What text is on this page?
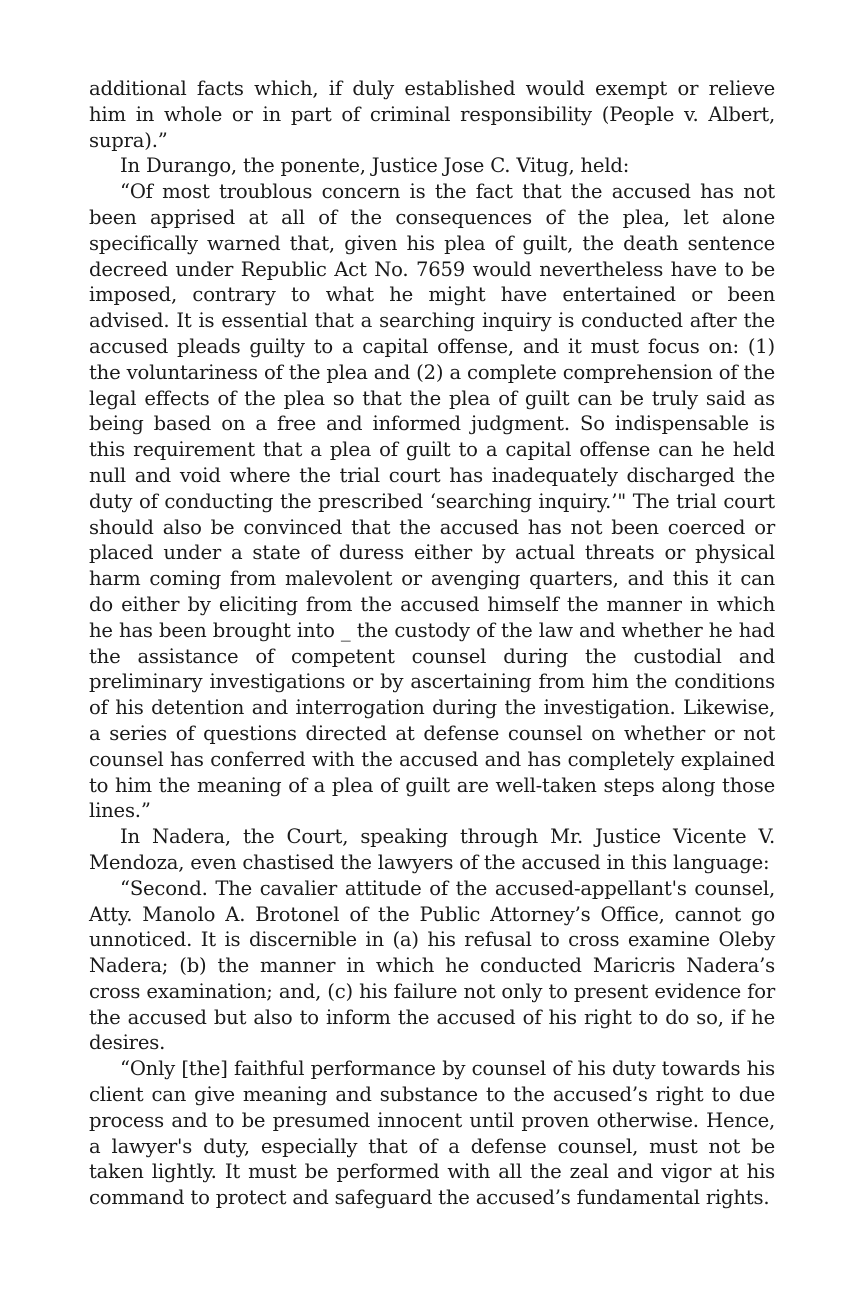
additional facts which, if duly established would exempt or relieve him in whole or in part of criminal responsibility (People v. Albert, supra).”

In Durango, the ponente, Justice Jose C. Vitug, held:

“Of most troublous concern is the fact that the accused has not been apprised at all of the consequences of the plea, let alone specifically warned that, given his plea of guilt, the death sentence decreed under Republic Act No. 7659 would nevertheless have to be imposed, contrary to what he might have entertained or been advised. It is essential that a searching inquiry is conducted after the accused pleads guilty to a capital offense, and it must focus on: (1) the voluntariness of the plea and (2) a complete comprehension of the legal effects of the plea so that the plea of guilt can be truly said as being based on a free and informed judgment. So indispensable is this requirement that a plea of guilt to a capital offense can he held null and void where the trial court has inadequately discharged the duty of conducting the prescribed ‘searching inquiry.’" The trial court should also be convinced that the accused has not been coerced or placed under a state of duress either by actual threats or physical harm coming from malevolent or avenging quarters, and this it can do either by eliciting from the accused himself the manner in which he has been brought into _ the custody of the law and whether he had the assistance of competent counsel during the custodial and preliminary investigations or by ascertaining from him the conditions of his detention and interrogation during the investigation. Likewise, a series of questions directed at defense counsel on whether or not counsel has conferred with the accused and has completely explained to him the meaning of a plea of guilt are well-taken steps along those lines.”

In Nadera, the Court, speaking through Mr. Justice Vicente V. Mendoza, even chastised the lawyers of the accused in this language:

“Second. The cavalier attitude of the accused-appellant's counsel, Atty. Manolo A. Brotonel of the Public Attorney’s Office, cannot go unnoticed. It is discernible in (a) his refusal to cross examine Oleby Nadera; (b) the manner in which he conducted Maricris Nadera’s cross examination; and, (c) his failure not only to present evidence for the accused but also to inform the accused of his right to do so, if he desires.

“Only [the] faithful performance by counsel of his duty towards his client can give meaning and substance to the accused’s right to due process and to be presumed innocent until proven otherwise. Hence, a lawyer's duty, especially that of a defense counsel, must not be taken lightly. It must be performed with all the zeal and vigor at his command to protect and safeguard the accused’s fundamental rights.
